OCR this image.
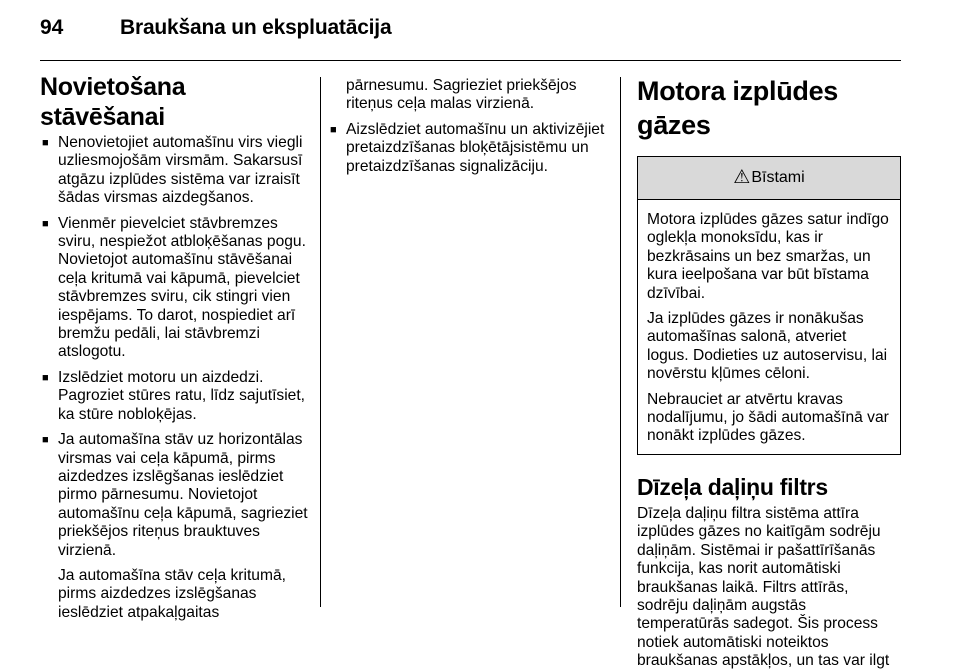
94	Braukšana un ekspluatācija
Novietošana stāvēšanai
■ Nenovietojiet automašīnu virs viegli uzliesmojošām virsmām. Sakarsusī atgāzu izplūdes sistēma var izraisīt šādas virsmas aizdegšanos.

■ Vienmēr pievelciet stāvbremzes sviru, nespiežot atbloķēšanas pogu. Novietojot automašīnu stāvēšanai ceļa kritumā vai kāpumā, pievelciet stāvbremzes sviru, cik stingri vien iespējams. To darot, nospiediet arī bremžu pedāli, lai stāvbremzi atslogotu.

■ Izslēdziet motoru un aizdedzi. Pagroziet stūres ratu, līdz sajutīsiet, ka stūre nobloķējas.

■ Ja automašīna stāv uz horizontālas virsmas vai ceļa kāpumā, pirms aizdedzes izslēgšanas ieslēdziet pirmo pārnesumu. Novietojot automašīnu ceļa kāpumā, sagrieziet priekšējos riteņus brauktuves virzienā.

Ja automašīna stāv ceļa kritumā, pirms aizdedzes izslēgšanas ieslēdziet atpakaļgaitas

pārnesumu. Sagrieziet priekšējos riteņus ceļa malas virzienā.

■ Aizslēdziet automašīnu un aktivizējiet pretaizdzīšanas bloķētājsistēmu un pretaizdzīšanas signalizāciju.

Motora izplūdes gāzes
⚠ Bīstami

Motora izplūdes gāzes satur indīgo oglekļa monoksīdu, kas ir bezkrāsains un bez smaržas, un kura ieelpošana var būt bīstama dzīvībai.

Ja izplūdes gāzes ir nonākušas automašīnas salonā, atveriet logus. Dodieties uz autoservisu, lai novērstu kļūmes cēloni.

Nebrauciet ar atvērtu kravas nodalījumu, jo šādi automašīnā var nonākt izplūdes gāzes.

Dīzeļa daļiņu filtrs

Dīzeļa daļiņu filtra sistēma attīra izplūdes gāzes no kaitīgām sodrēju daļiņām. Sistēmai ir pašattīrīšanās funkcija, kas norit automātiski braukšanas laikā. Filtrs attīrās, sodrēju daļiņām augstās temperatūrās sadegot. Šis process notiek automātiski noteiktos braukšanas apstākļos, un tas var ilgt
